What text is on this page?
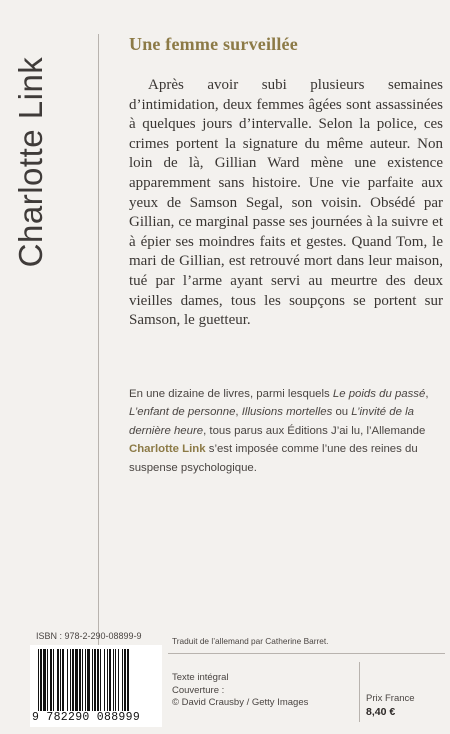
Charlotte Link
Une femme surveillée

Après avoir subi plusieurs semaines d’intimidation, deux femmes âgées sont assassinées à quelques jours d’intervalle. Selon la police, ces crimes portent la signature du même auteur. Non loin de là, Gillian Ward mène une existence apparemment sans histoire. Une vie parfaite aux yeux de Samson Segal, son voisin. Obsédé par Gillian, ce marginal passe ses journées à la suivre et à épier ses moindres faits et gestes. Quand Tom, le mari de Gillian, est retrouvé mort dans leur maison, tué par l’arme ayant servi au meurtre des deux vieilles dames, tous les soupçons se portent sur Samson, le guetteur.

En une dizaine de livres, parmi lesquels Le poids du passé, L’enfant de personne, Illusions mortelles ou L’invité de la dernière heure, tous parus aux Éditions J’ai lu, l’Allemande Charlotte Link s’est imposée comme l’une des reines du suspense psychologique.
ISBN : 978-2-290-08899-9	Traduit de l’allemand par Catherine Barret.
9 782290 088999
Texte intégral
Couverture :
© David Crausby / Getty Images	Prix France
8,40 €
